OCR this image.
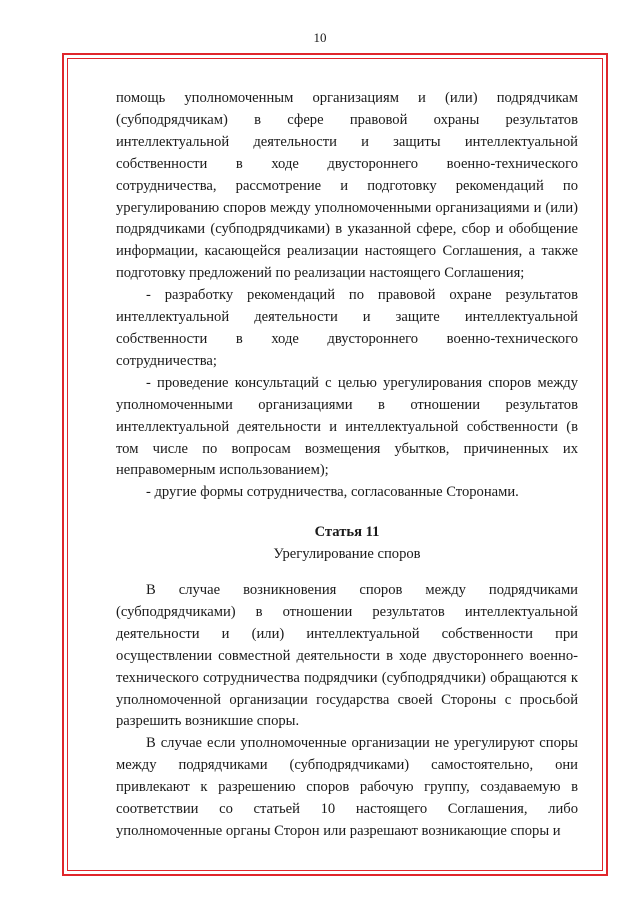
10

помощь уполномоченным организациям и (или) подрядчикам (субподрядчикам) в сфере правовой охраны результатов интеллектуальной деятельности и защиты интеллектуальной собственности в ходе двустороннего военно-технического сотрудничества, рассмотрение и подготовку рекомендаций по урегулированию споров между уполномоченными организациями и (или) подрядчиками (субподрядчиками) в указанной сфере, сбор и обобщение информации, касающейся реализации настоящего Соглашения, а также подготовку предложений по реализации настоящего Соглашения;

- разработку рекомендаций по правовой охране результатов интеллектуальной деятельности и защите интеллектуальной собственности в ходе двустороннего военно-технического сотрудничества;

- проведение консультаций с целью урегулирования споров между уполномоченными организациями в отношении результатов интеллектуальной деятельности и интеллектуальной собственности (в том числе по вопросам возмещения убытков, причиненных их неправомерным использованием);

- другие формы сотрудничества, согласованные Сторонами.

Статья 11

Урегулирование споров

В случае возникновения споров между подрядчиками (субподрядчиками) в отношении результатов интеллектуальной деятельности и (или) интеллектуальной собственности при осуществлении совместной деятельности в ходе двустороннего военно-технического сотрудничества подрядчики (субподрядчики) обращаются к уполномоченной организации государства своей Стороны с просьбой разрешить возникшие споры.

В случае если уполномоченные организации не урегулируют споры между подрядчиками (субподрядчиками) самостоятельно, они привлекают к разрешению споров рабочую группу, создаваемую в соответствии со статьей 10 настоящего Соглашения, либо уполномоченные органы Сторон или разрешают возникающие споры и
